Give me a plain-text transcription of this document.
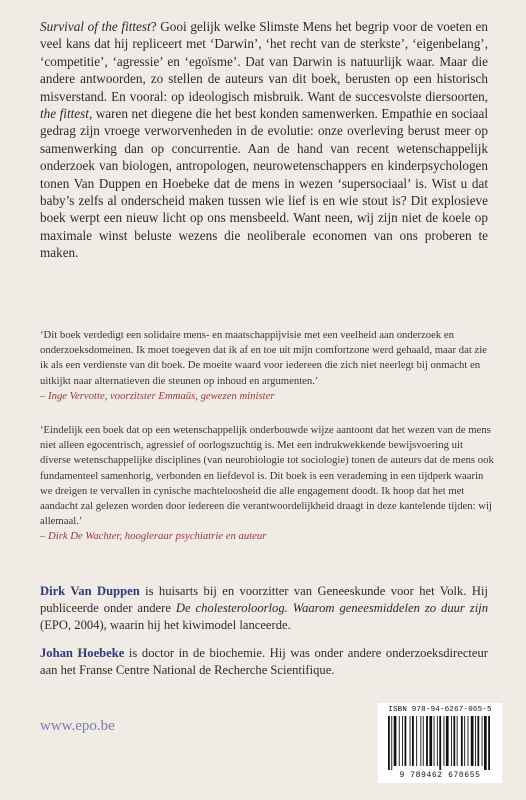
Survival of the fittest? Gooi gelijk welke Slimste Mens het begrip voor de voeten en veel kans dat hij repliceert met ‘Darwin’, ‘het recht van de sterkste’, ‘eigenbelang’, ‘competitie’, ‘agressie’ en ‘egoïsme’. Dat van Darwin is natuurlijk waar. Maar die andere antwoorden, zo stellen de auteurs van dit boek, berusten op een historisch misverstand. En vooral: op ideologisch misbruik. Want de succesvolste diersoorten, the fittest, waren net diegene die het best konden samenwerken. Empathie en sociaal gedrag zijn vroege verworvenheden in de evolutie: onze overleving berust meer op samenwerking dan op concurrentie. Aan de hand van recent wetenschappelijk onderzoek van biologen, antropologen, neurowetenschappers en kinderpsychologen tonen Van Duppen en Hoebeke dat de mens in wezen ‘supersociaal’ is. Wist u dat baby’s zelfs al onderscheid maken tussen wie lief is en wie stout is? Dit explosieve boek werpt een nieuw licht op ons mensbeeld. Want neen, wij zijn niet de koele op maximale winst beluste wezens die neoliberale economen van ons proberen te maken.

‘Dit boek verdedigt een solidaire mens- en maatschappijvisie met een veelheid aan onderzoek en onderzoeksdomeinen. Ik moet toegeven dat ik af en toe uit mijn comfortzone werd gehaald, maar dat zie ik als een verdienste van dit boek. De moeite waard voor iedereen die zich niet neerlegt bij onmacht en uitkijkt naar alternatieven die steunen op inhoud en argumenten.’
– Inge Vervotte, voorzitster Emmaüs, gewezen minister

‘Eindelijk een boek dat op een wetenschappelijk onderbouwde wijze aantoont dat het wezen van de mens niet alleen egocentrisch, agressief of oorlogszuchtig is. Met een indrukwekkende bewijsvoering uit diverse wetenschappelijke disciplines (van neurobiologie tot sociologie) tonen de auteurs dat de mens ook fundamenteel samenhorig, verbonden en liefdevol is. Dit boek is een verademing in een tijdperk waarin we dreigen te vervallen in cynische machteloosheid die alle engagement doodt. Ik hoop dat het met aandacht zal gelezen worden door iedereen die verantwoordelijkheid draagt in deze kantelende tijden: wij allemaal.’
– Dirk De Wachter, hoogleraar psychiatrie en auteur

Dirk Van Duppen is huisarts bij en voorzitter van Geneeskunde voor het Volk. Hij publiceerde onder andere De cholesteroloorlog. Waarom geneesmiddelen zo duur zijn (EPO, 2004), waarin hij het kiwimodel lanceerde.

Johan Hoebeke is doctor in de biochemie. Hij was onder andere onderzoeksdirecteur aan het Franse Centre National de Recherche Scientifique.

www.epo.be
ISBN 978-94-6267-065-5
9 789462 670655
